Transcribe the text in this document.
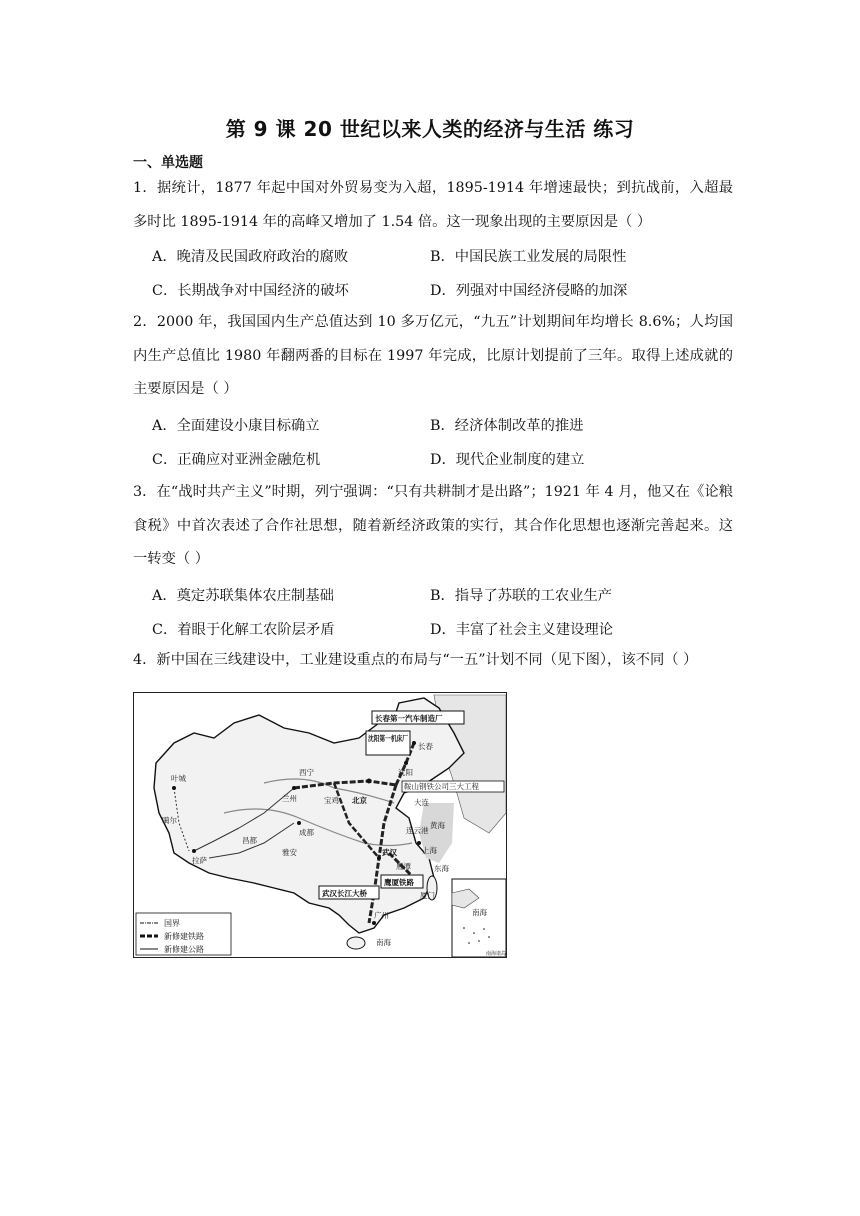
第 9 课 20 世纪以来人类的经济与生活 练习
一、单选题
1．据统计，1877 年起中国对外贸易变为入超，1895-1914 年增速最快；到抗战前，入超最多时比 1895-1914 年的高峰又增加了 1.54 倍。这一现象出现的主要原因是（ ）
A．晚清及民国政府政治的腐败	B．中国民族工业发展的局限性
C．长期战争对中国经济的破坏	D．列强对中国经济侵略的加深
2．2000 年，我国国内生产总值达到 10 多万亿元，“九五”计划期间年均增长 8.6%；人均国内生产总值比 1980 年翻两番的目标在 1997 年完成，比原计划提前了三年。取得上述成就的主要原因是（ ）
A．全面建设小康目标确立	B．经济体制改革的推进
C．正确应对亚洲金融危机	D．现代企业制度的建立
3．在“战时共产主义”时期，列宁强调：“只有共耕制才是出路”；1921 年 4 月，他又在《论粮食税》中首次表述了合作社思想，随着新经济政策的实行，其合作化思想也逐渐完善起来。这一转变（ ）
A．奠定苏联集体农庄制基础	B．指导了苏联的工农业生产
C．着眼于化解工农阶层矛盾	D．丰富了社会主义建设理论
4．新中国在三线建设中，工业建设重点的布局与“一五”计划不同（见下图），该不同（ ）
长春第一汽车制造厂
沈阳第一机床厂
鞍山钢铁公司三大工程
武汉长江大桥
鹰厦铁路
长春
沈阳
北京	大连
西宁
兰州	宝鸡
成都
雅安
拉萨
武汉	上海
连云港
鹰潭
厦门
广州
叶城
噶尔
昌都
黄海
南海
南海
南海诸岛
东海
国界
新修建铁路
新修建公路
